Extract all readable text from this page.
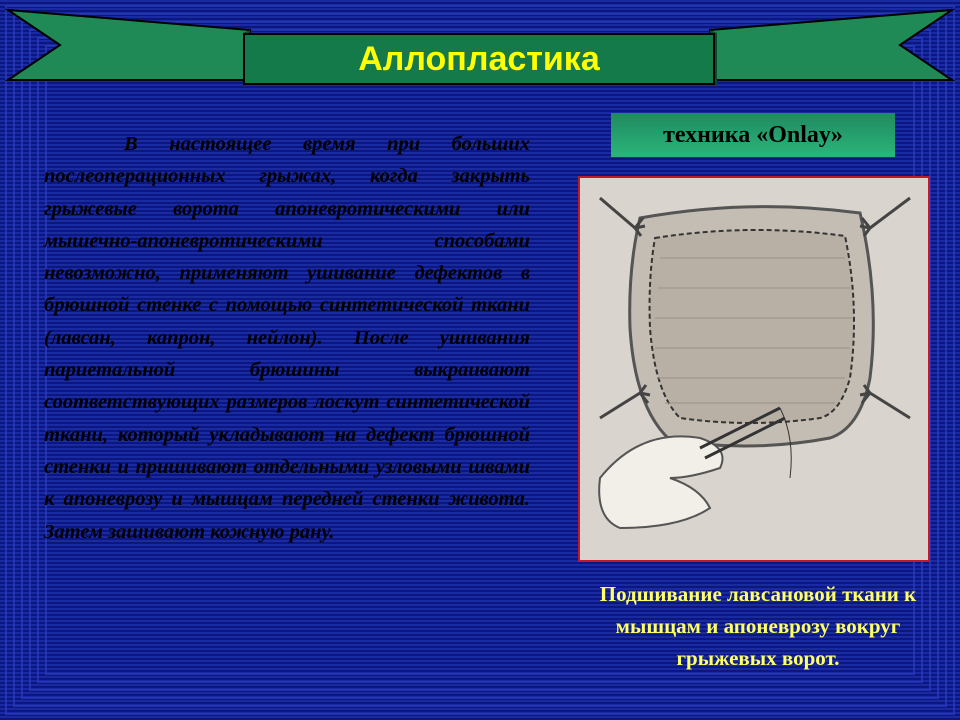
Аллопластика
В настоящее время при больших послеоперационных грыжах, когда закрыть грыжевые ворота апоневротическими или мышечно-апоневротическими способами невозможно, применяют ушивание дефектов в брюшной стенке с помощью синтетической ткани (лавсан, капрон, нейлон). После ушивания париетальной брюшины выкраивают соответствующих размеров лоскут синтетической ткани, который укладывают на дефект брюшной стенки и пришивают отдельными узловыми швами к апоневрозу и мышцам передней стенки живота. Затем зашивают кожную рану.
техника «Onlay»
Подшивание лавсановой ткани к мышцам и апоневрозу вокруг грыжевых ворот.
